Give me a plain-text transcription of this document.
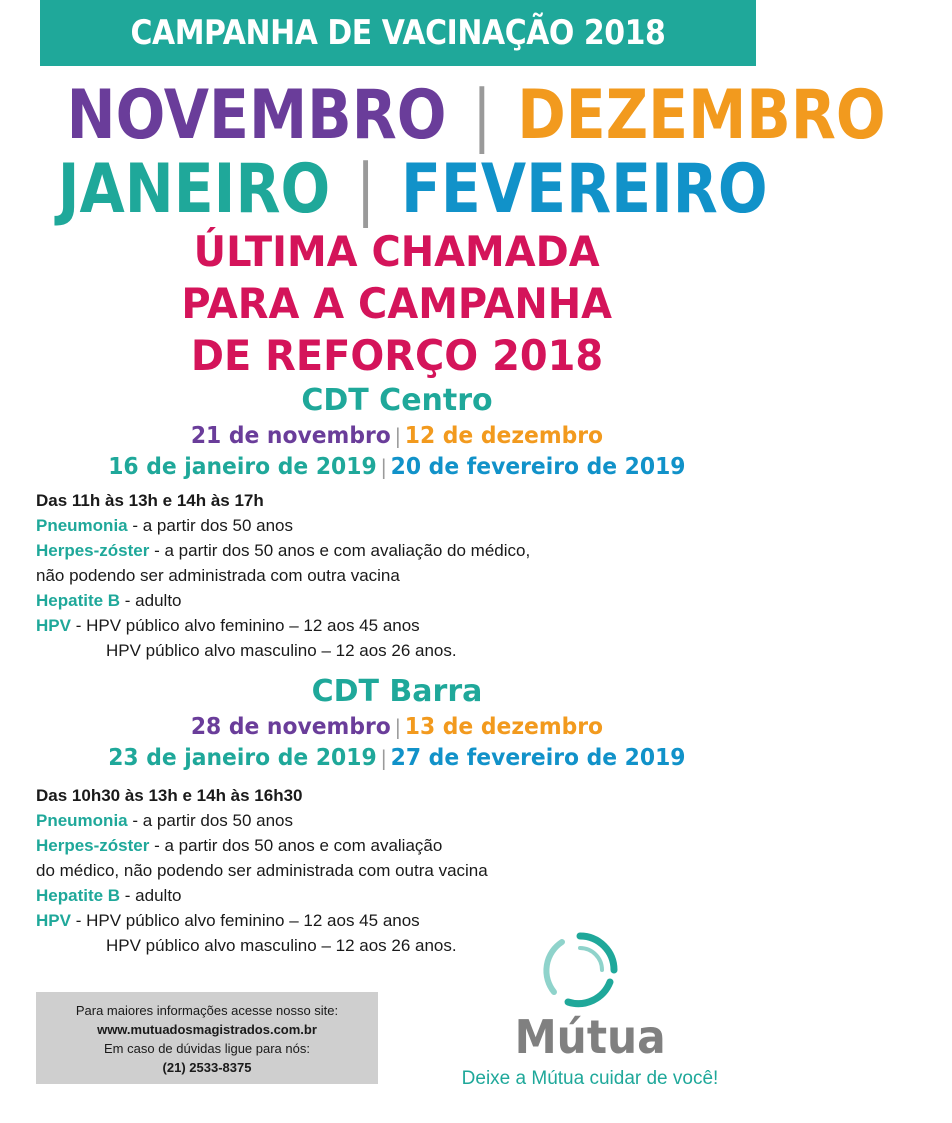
CAMPANHA DE VACINAÇÃO 2018
NOVEMBRO | DEZEMBRO
JANEIRO | FEVEREIRO
ÚLTIMA CHAMADA
PARA A CAMPANHA
DE REFORÇO 2018
CDT Centro
21 de novembro | 12 de dezembro
16 de janeiro de 2019 | 20 de fevereiro de 2019

Das 11h às 13h e 14h às 17h

Pneumonia - a partir dos 50 anos

Herpes-zóster - a partir dos 50 anos e com avaliação do médico,

não podendo ser administrada com outra vacina

Hepatite B - adulto

HPV - HPV público alvo feminino – 12 aos 45 anos

HPV público alvo masculino – 12 aos 26 anos.

CDT Barra
28 de novembro | 13 de dezembro
23 de janeiro de 2019 | 27 de fevereiro de 2019

Das 10h30 às 13h e 14h às 16h30

Pneumonia - a partir dos 50 anos

Herpes-zóster - a partir dos 50 anos e com avaliação

do médico, não podendo ser administrada com outra vacina

Hepatite B - adulto

HPV - HPV público alvo feminino – 12 aos 45 anos

HPV público alvo masculino – 12 aos 26 anos.

Para maiores informações acesse nosso site:
www.mutuadosmagistrados.com.br
Em caso de dúvidas ligue para nós:
(21) 2533-8375
Mútua
Deixe a Mútua cuidar de você!
